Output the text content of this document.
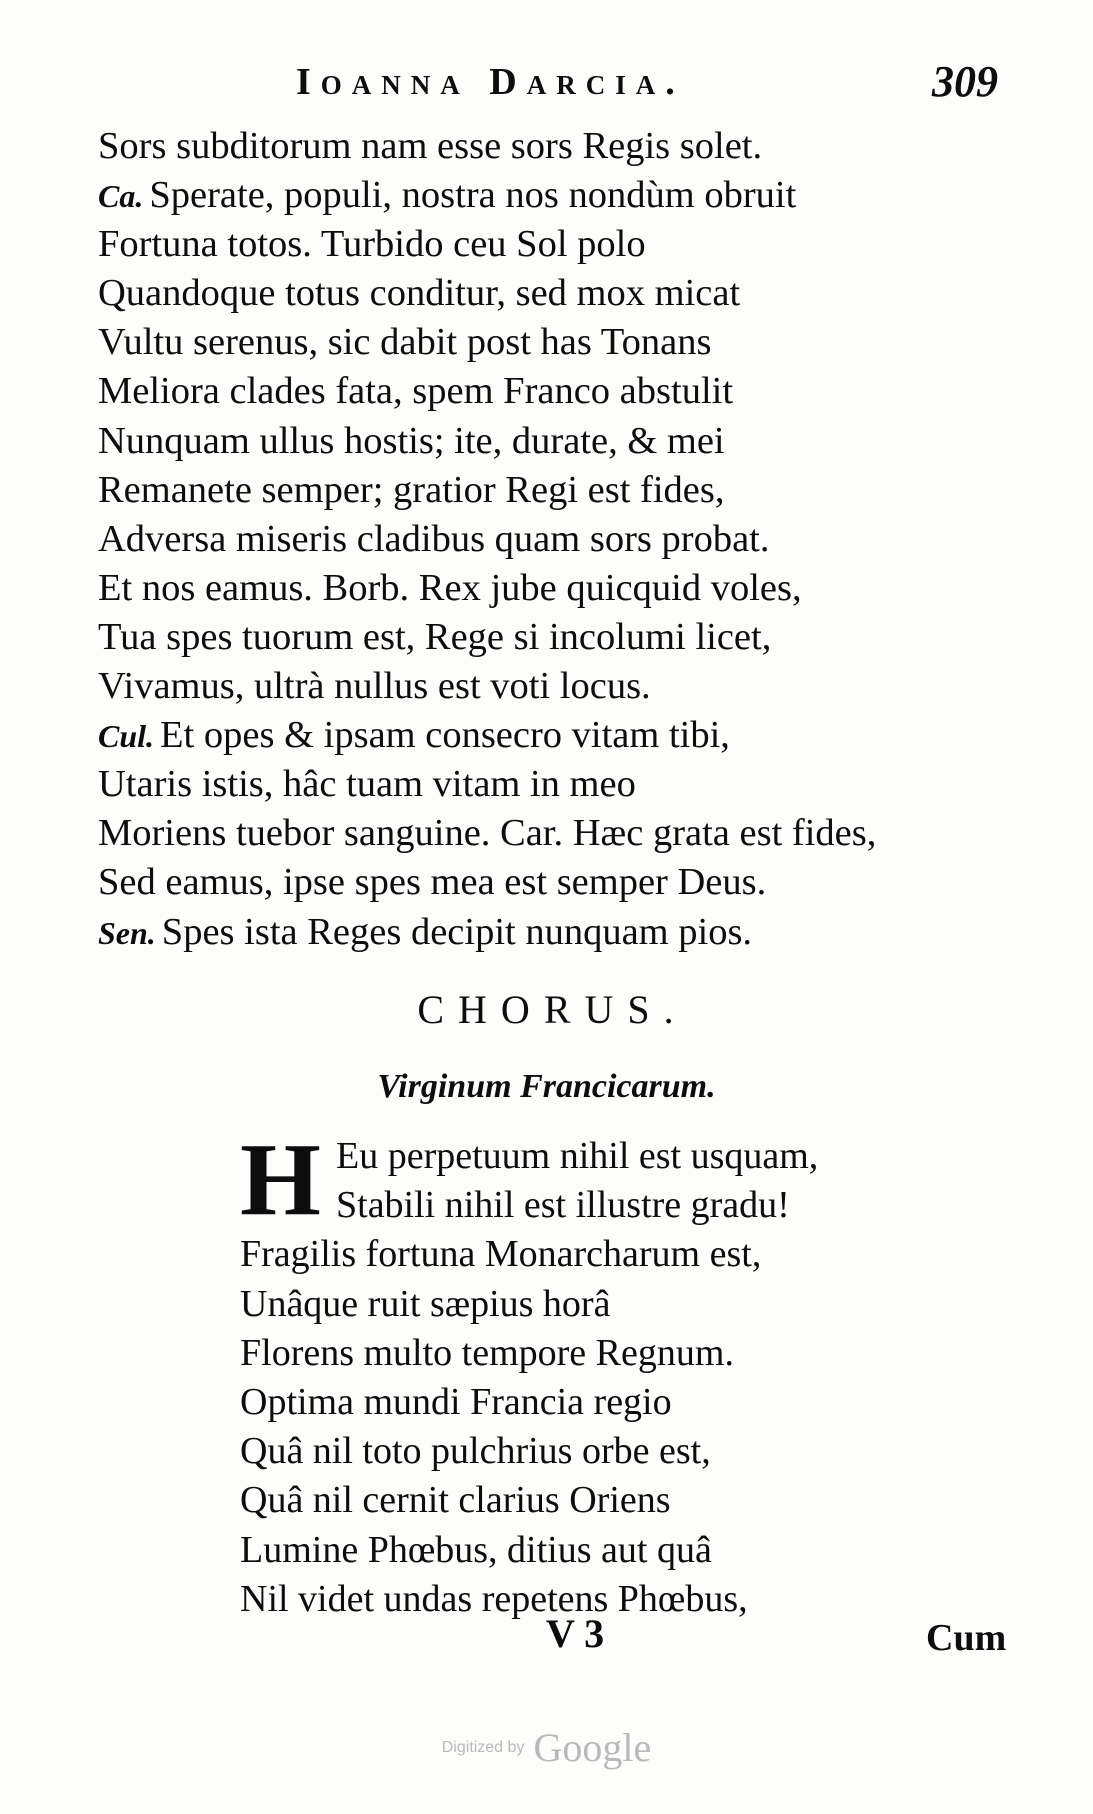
Ioanna Darcia.	309
Sors subditorum nam esse sors Regis solet.
Ca. Sperate, populi, nostra nos nondùm obruit
Fortuna totos. Turbido ceu Sol polo
Quandoque totus conditur, sed mox micat
Vultu serenus, sic dabit post has Tonans
Meliora clades fata, spem Franco abstulit
Nunquam ullus hostis; ite, durate, & mei
Remanete semper; gratior Regi est fides,
Adversa miseris cladibus quam sors probat.
Et nos eamus. Borb. Rex jube quicquid voles,
Tua spes tuorum est, Rege si incolumi licet,
Vivamus, ultrà nullus est voti locus.
Cul. Et opes & ipsam consecro vitam tibi,
Utaris istis, hâc tuam vitam in meo
Moriens tuebor sanguine. Car. Hæc grata est fides,
Sed eamus, ipse spes mea est semper Deus.
Sen. Spes ista Reges decipit nunquam pios.
CHORUS.
Virginum Francicarum.
H Eu perpetuum nihil est usquam,
Stabili nihil est illustre gradu!
Fragilis fortuna Monarcharum est,
Unâque ruit sæpius horâ
Florens multo tempore Regnum.
Optima mundi Francia regio
Quâ nil toto pulchrius orbe est,
Quâ nil cernit clarius Oriens
Lumine Phœbus, ditius aut quâ
Nil videt undas repetens Phœbus,
V 3	Cum
Digitized by Google
